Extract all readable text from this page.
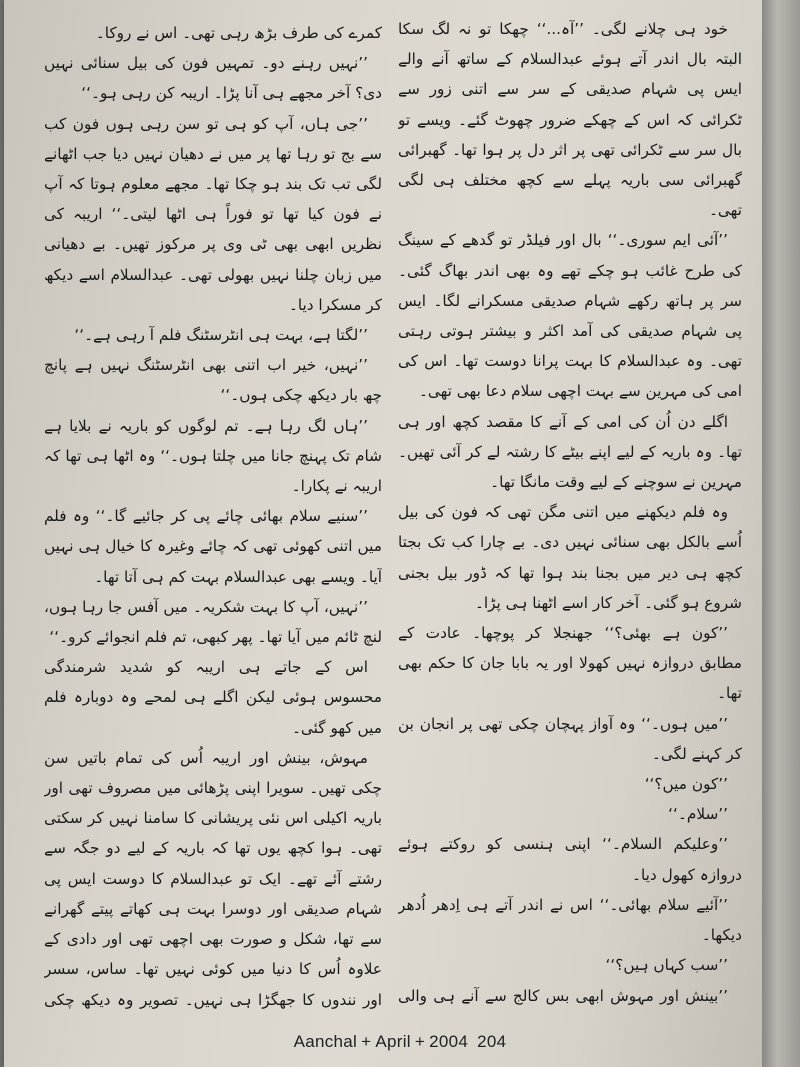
خود ہی چلانے لگی۔ ’’آہ...‘‘ چھکا تو نہ لگ سکا البتہ بال اندر آتے ہوئے عبدالسلام کے ساتھ آنے والے ایس پی شہام صدیقی کے سر سے اتنی زور سے ٹکرائی کہ اس کے چھکے ضرور چھوٹ گئے۔ ویسے تو بال سر سے ٹکرائی تھی پر اثر دل پر ہوا تھا۔ گھبرائی گھبرائی سی باریہ پہلے سے کچھ مختلف ہی لگی تھی۔

’’آئی ایم سوری۔‘‘ بال اور فیلڈر تو گدھے کے سینگ کی طرح غائب ہو چکے تھے وہ بھی اندر بھاگ گئی۔ سر پر ہاتھ رکھے شہام صدیقی مسکرانے لگا۔ ایس پی شہام صدیقی کی آمد اکثر و بیشتر ہوتی رہتی تھی۔ وہ عبدالسلام کا بہت پرانا دوست تھا۔ اس کی امی کی مہرین سے بہت اچھی سلام دعا بھی تھی۔

اگلے دن اُن کی امی کے آنے کا مقصد کچھ اور ہی تھا۔ وہ باریہ کے لیے اپنے بیٹے کا رشتہ لے کر آئی تھیں۔ مہرین نے سوچنے کے لیے وقت مانگا تھا۔

وہ فلم دیکھنے میں اتنی مگن تھی کہ فون کی بیل اُسے بالکل بھی سنائی نہیں دی۔ بے چارا کب تک بجتا کچھ ہی دیر میں بجنا بند ہوا تھا کہ ڈور بیل بجنی شروع ہو گئی۔ آخر کار اسے اٹھنا ہی پڑا۔

’’کون ہے بھئی؟‘‘ جھنجلا کر پوچھا۔ عادت کے مطابق دروازہ نہیں کھولا اور یہ بابا جان کا حکم بھی تھا۔

’’میں ہوں۔‘‘ وہ آواز پہچان چکی تھی پر انجان بن کر کہنے لگی۔

’’کون میں؟‘‘

’’سلام۔‘‘

’’وعلیکم السلام۔‘‘ اپنی ہنسی کو روکتے ہوئے دروازہ کھول دیا۔

’’آئیے سلام بھائی۔‘‘ اس نے اندر آتے ہی اِدھر اُدھر دیکھا۔

’’سب کہاں ہیں؟‘‘

’’بینش اور مہوش ابھی بس کالج سے آنے ہی والی

کمرے کی طرف بڑھ رہی تھی۔ اس نے روکا۔

’’نہیں رہنے دو۔ تمہیں فون کی بیل سنائی نہیں دی؟ آخر مجھے ہی آنا پڑا۔ اریبہ کن رہی ہو۔‘‘

’’جی ہاں، آپ کو ہی تو سن رہی ہوں فون کب سے بج تو رہا تھا پر میں نے دھیان نہیں دیا جب اٹھانے لگی تب تک بند ہو چکا تھا۔ مجھے معلوم ہوتا کہ آپ نے فون کیا تھا تو فوراً ہی اٹھا لیتی۔‘‘ اریبہ کی نظریں ابھی بھی ٹی وی پر مرکوز تھیں۔ بے دھیانی میں زبان چلنا نہیں بھولی تھی۔ عبدالسلام اسے دیکھ کر مسکرا دیا۔

’’لگتا ہے، بہت ہی انٹرسٹنگ فلم آ رہی ہے۔‘‘

’’نہیں، خیر اب اتنی بھی انٹرسٹنگ نہیں ہے پانچ چھ بار دیکھ چکی ہوں۔‘‘

’’ہاں لگ رہا ہے۔ تم لوگوں کو باریہ نے بلایا ہے شام تک پہنچ جانا میں چلتا ہوں۔‘‘ وہ اٹھا ہی تھا کہ اریبہ نے پکارا۔

’’سنیے سلام بھائی چائے پی کر جائیے گا۔‘‘ وہ فلم میں اتنی کھوئی تھی کہ چائے وغیرہ کا خیال ہی نہیں آیا۔ ویسے بھی عبدالسلام بہت کم ہی آتا تھا۔

’’نہیں، آپ کا بہت شکریہ۔ میں آفس جا رہا ہوں، لنچ ٹائم میں آیا تھا۔ پھر کبھی، تم فلم انجوائے کرو۔‘‘

اس کے جاتے ہی اریبہ کو شدید شرمندگی محسوس ہوئی لیکن اگلے ہی لمحے وہ دوبارہ فلم میں کھو گئی۔

مہوش، بینش اور اریبہ اُس کی تمام باتیں سن چکی تھیں۔ سویرا اپنی پڑھائی میں مصروف تھی اور باریہ اکیلی اس نئی پریشانی کا سامنا نہیں کر سکتی تھی۔ ہوا کچھ یوں تھا کہ باریہ کے لیے دو جگہ سے رشتے آئے تھے۔ ایک تو عبدالسلام کا دوست ایس پی شہام صدیقی اور دوسرا بہت ہی کھاتے پیتے گھرانے سے تھا، شکل و صورت بھی اچھی تھی اور دادی کے علاوہ اُس کا دنیا میں کوئی نہیں تھا۔ ساس، سسر اور نندوں کا جھگڑا ہی نہیں۔ تصویر وہ دیکھ چکی

Aanchal + April + 2004 204
